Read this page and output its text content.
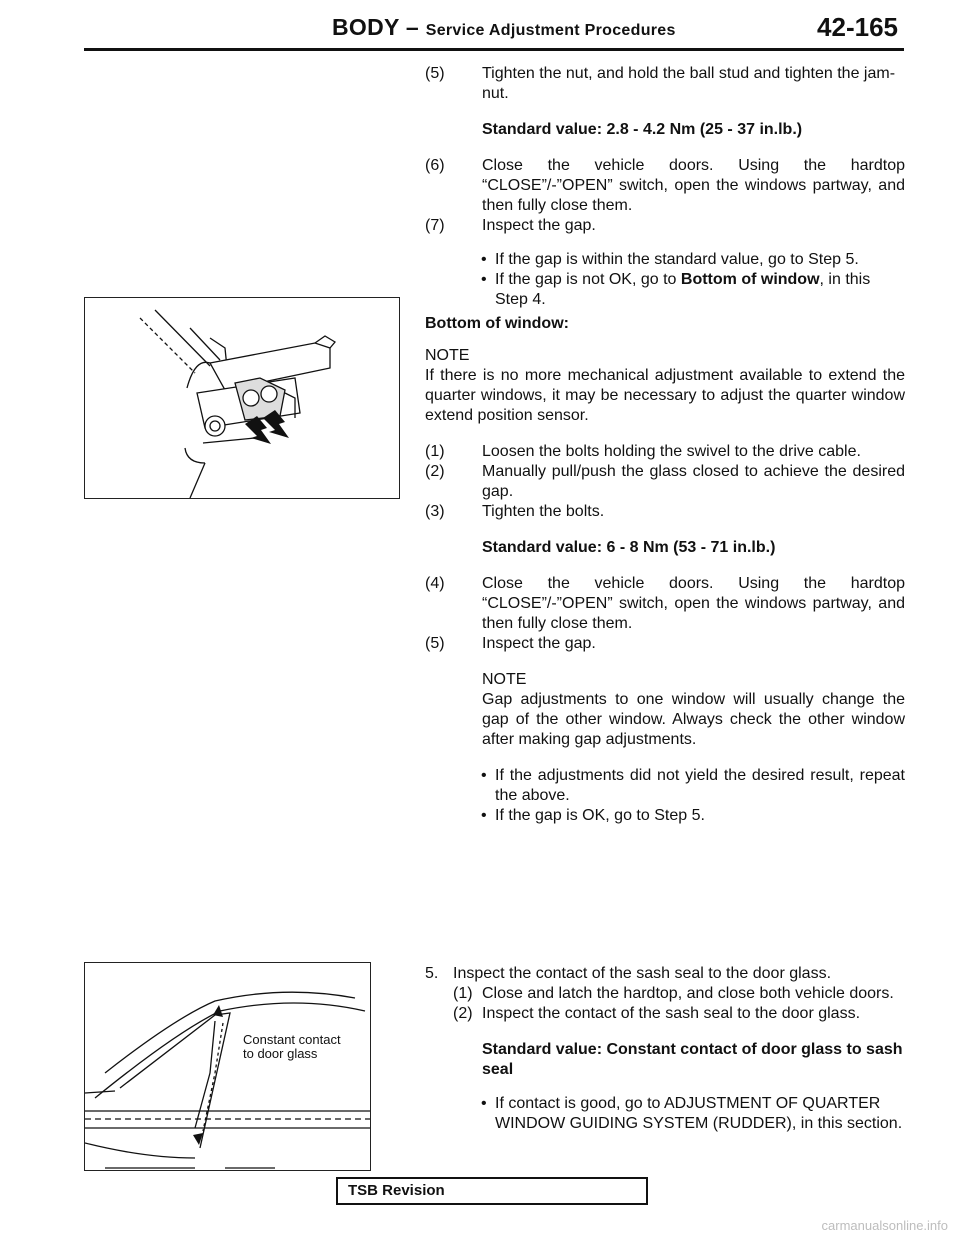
BODY – Service Adjustment Procedures	42-165
(5) Tighten the nut, and hold the ball stud and tighten the jam-nut.
Standard value: 2.8 - 4.2 Nm (25 - 37 in.lb.)
(6) Close the vehicle doors. Using the hardtop “CLOSE”/-”OPEN” switch, open the windows partway, and then fully close them.
(7) Inspect the gap.
• If the gap is within the standard value, go to Step 5.
• If the gap is not OK, go to Bottom of window, in this Step 4.
Bottom of window:
NOTE
If there is no more mechanical adjustment available to extend the quarter windows, it may be necessary to adjust the quarter window extend position sensor.
(1) Loosen the bolts holding the swivel to the drive cable.
(2) Manually pull/push the glass closed to achieve the desired gap.
(3) Tighten the bolts.
Standard value: 6 - 8 Nm (53 - 71 in.lb.)
(4) Close the vehicle doors. Using the hardtop “CLOSE”/-”OPEN” switch, open the windows partway, and then fully close them.
(5) Inspect the gap.
NOTE
Gap adjustments to one window will usually change the gap of the other window. Always check the other window after making gap adjustments.
• If the adjustments did not yield the desired result, repeat the above.
• If the gap is OK, go to Step 5.
5. Inspect the contact of the sash seal to the door glass.
(1) Close and latch the hardtop, and close both vehicle doors.
(2) Inspect the contact of the sash seal to the door glass.
Standard value: Constant contact of door glass to sash seal
• If contact is good, go to ADJUSTMENT OF QUARTER WINDOW GUIDING SYSTEM (RUDDER), in this section.
Constant contact
to door glass
TSB Revision
carmanualsonline.info
